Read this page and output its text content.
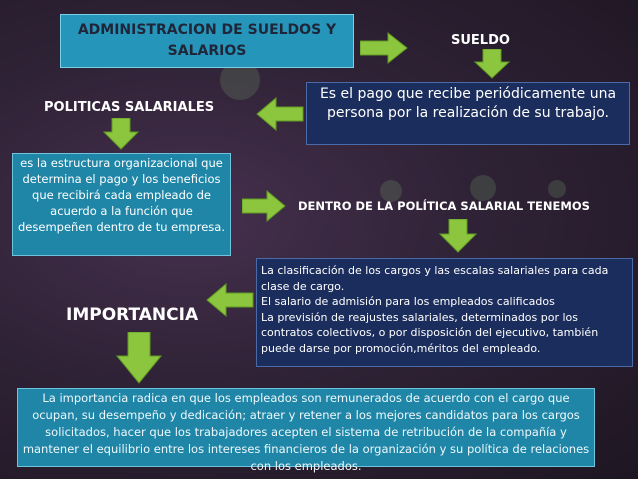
ADMINISTRACION DE SUELDOS Y SALARIOS
SUELDO
Es el pago que recibe periódicamente una persona por la realización de su trabajo.
POLITICAS SALARIALES
es la estructura organizacional que determina el pago y los beneficios que recibirá cada empleado de acuerdo a la función que desempeñen dentro de tu empresa.
DENTRO DE LA POLÍTICA SALARIAL TENEMOS
La clasificación de los cargos y las escalas salariales para cada clase de cargo.
El salario de admisión para los empleados calificados
La previsión de reajustes salariales, determinados por los contratos colectivos, o por disposición del ejecutivo, también puede darse por promoción,méritos del empleado.
IMPORTANCIA
La importancia radica en que los empleados son remunerados de acuerdo con el cargo que ocupan, su desempeño y dedicación; atraer y retener a los mejores candidatos para los cargos solicitados, hacer que los trabajadores acepten el sistema de retribución de la compañía y mantener el equilibrio entre los intereses financieros de la organización y su política de relaciones con los empleados.
